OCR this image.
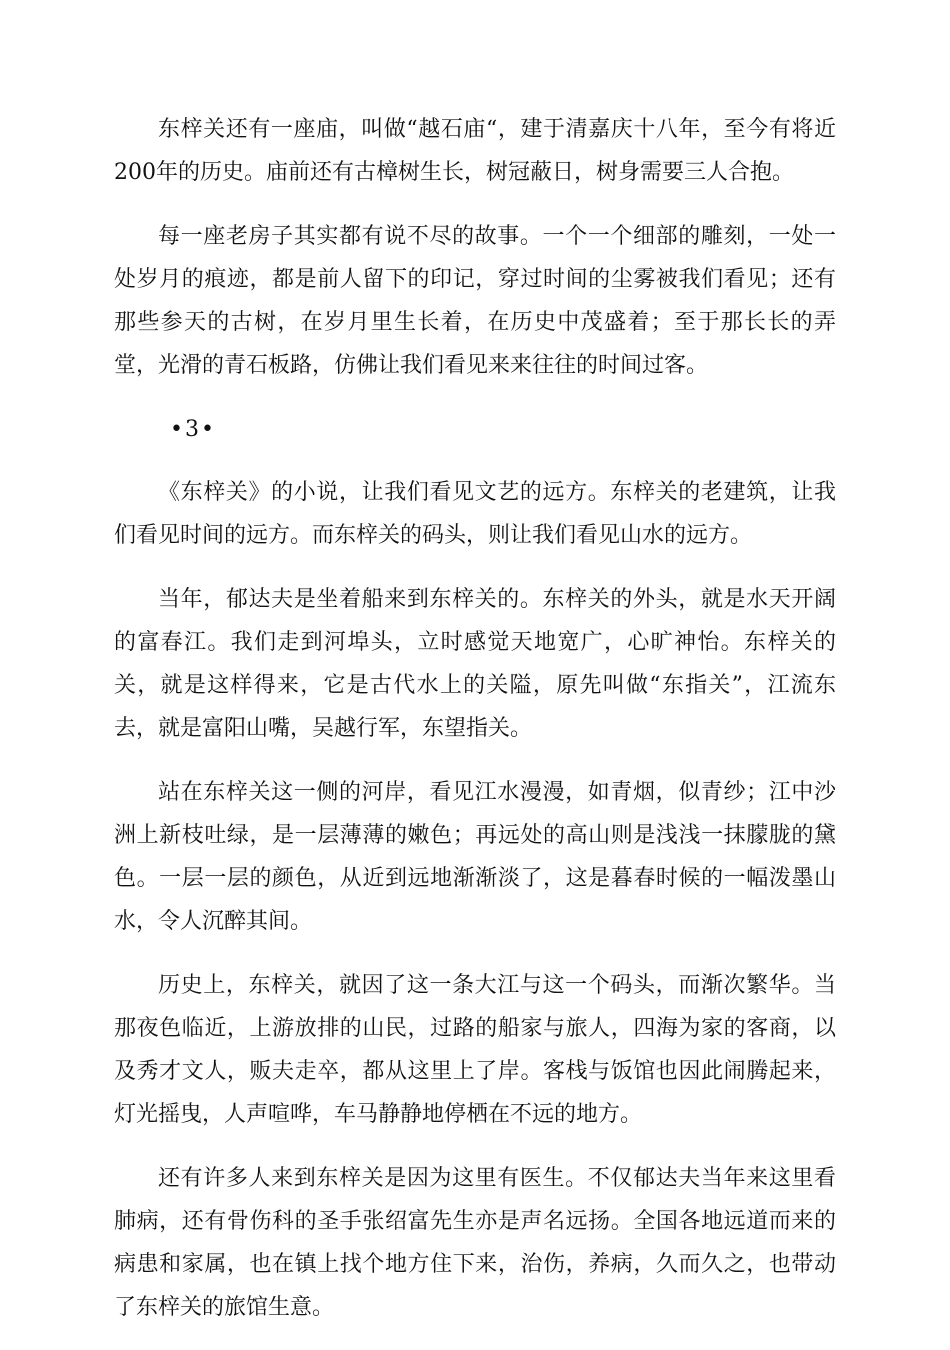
东梓关还有一座庙，叫做“越石庙“，建于清嘉庆十八年，至今有将近200年的历史。庙前还有古樟树生长，树冠蔽日，树身需要三人合抱。

每一座老房子其实都有说不尽的故事。一个一个细部的雕刻，一处一处岁月的痕迹，都是前人留下的印记，穿过时间的尘雾被我们看见；还有那些参天的古树，在岁月里生长着，在历史中茂盛着；至于那长长的弄堂，光滑的青石板路，仿佛让我们看见来来往往的时间过客。

•3•

《东梓关》的小说，让我们看见文艺的远方。东梓关的老建筑，让我们看见时间的远方。而东梓关的码头，则让我们看见山水的远方。

当年，郁达夫是坐着船来到东梓关的。东梓关的外头，就是水天开阔的富春江。我们走到河埠头，立时感觉天地宽广，心旷神怡。东梓关的关，就是这样得来，它是古代水上的关隘，原先叫做“东指关”，江流东去，就是富阳山嘴，吴越行军，东望指关。

站在东梓关这一侧的河岸，看见江水漫漫，如青烟，似青纱；江中沙洲上新枝吐绿，是一层薄薄的嫩色；再远处的高山则是浅浅一抹朦胧的黛色。一层一层的颜色，从近到远地渐渐淡了，这是暮春时候的一幅泼墨山水，令人沉醉其间。

历史上，东梓关，就因了这一条大江与这一个码头，而渐次繁华。当那夜色临近，上游放排的山民，过路的船家与旅人，四海为家的客商，以及秀才文人，贩夫走卒，都从这里上了岸。客栈与饭馆也因此闹腾起来，灯光摇曳，人声喧哗，车马静静地停栖在不远的地方。

还有许多人来到东梓关是因为这里有医生。不仅郁达夫当年来这里看肺病，还有骨伤科的圣手张绍富先生亦是声名远扬。全国各地远道而来的病患和家属，也在镇上找个地方住下来，治伤，养病，久而久之，也带动了东梓关的旅馆生意。
